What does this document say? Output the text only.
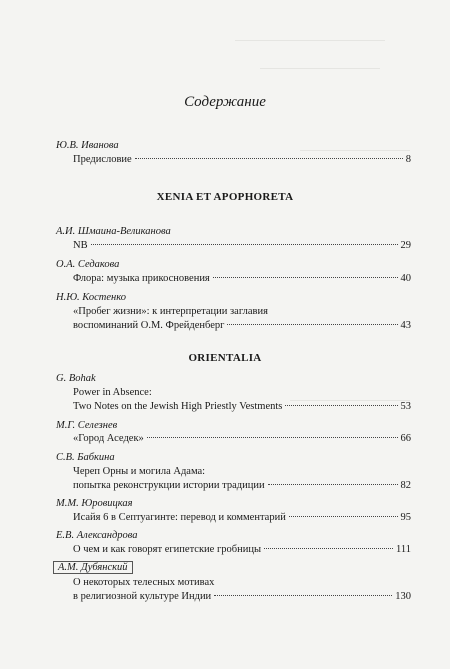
Содержание
Ю.В. Иванова
Предисловие	8
XENIA ET APOPHORETA
А.И. Шмаина-Великанова
NB	29
О.А. Седакова
Флора: музыка прикосновения	40
Н.Ю. Костенко
«Пробег жизни»: к интерпретации заглавия
воспоминаний О.М. Фрейденберг	43
ORIENTALIA
G. Bohak
Power in Absence:
Two Notes on the Jewish High Priestly Vestments	53
М.Г. Селезнев
«Город Аседек»	66
С.В. Бабкина
Череп Орны и могила Адама:
попытка реконструкции истории традиции	82
М.М. Юровицкая
Исайя 6 в Септуагинте: перевод и комментарий	95
Е.В. Александрова
О чем и как говорят египетские гробницы	111
А.М. Дубянский
О некоторых телесных мотивах
в религиозной культуре Индии	130
